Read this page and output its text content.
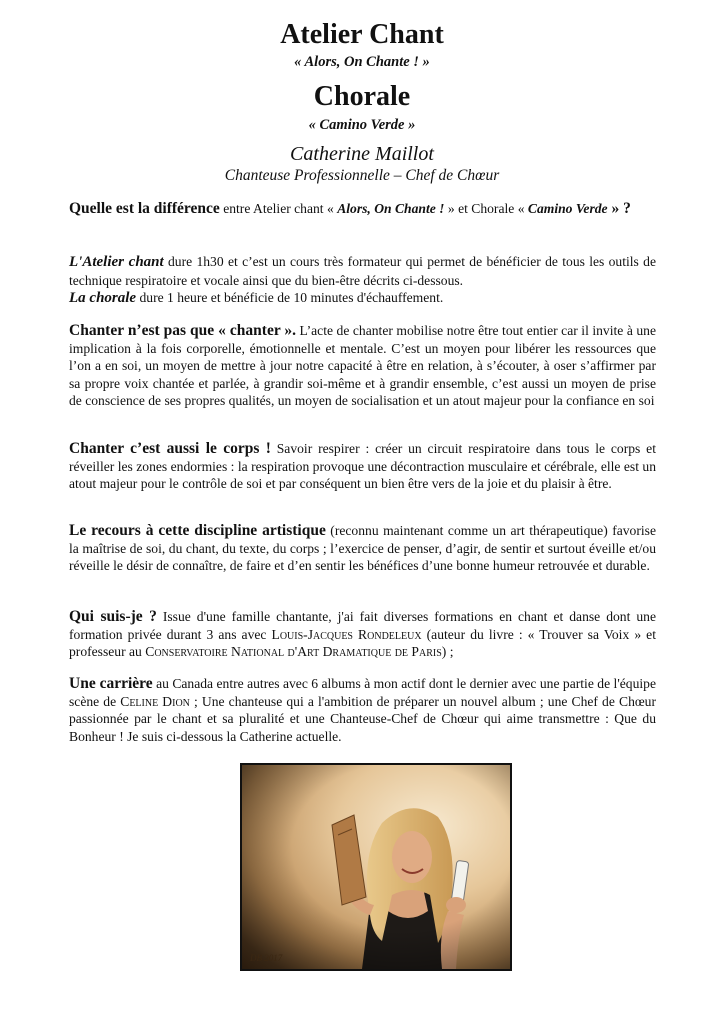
Atelier Chant
« Alors, On Chante ! »
Chorale
« Camino Verde »
Catherine Maillot
Chanteuse Professionnelle – Chef de Chœur
Quelle est la différence entre Atelier chant « Alors, On Chante ! » et Chorale « Camino Verde » ?
L'Atelier chant dure 1h30 et c’est un cours très formateur qui permet de bénéficier de tous les outils de technique respiratoire et vocale ainsi que du bien-être décrits ci-dessous.
La chorale dure 1 heure et bénéficie de 10 minutes d'échauffement.
Chanter n’est pas que « chanter ». L’acte de chanter mobilise notre être tout entier car il invite à une implication à la fois corporelle, émotionnelle et mentale. C’est un moyen pour libérer les ressources que l’on a en soi, un moyen de mettre à jour notre capacité à être en relation, à s’écouter, à oser s’affirmer par sa propre voix chantée et parlée, à grandir soi-même et à grandir ensemble, c’est aussi un moyen de prise de conscience de ses propres qualités, un moyen de socialisation et un atout majeur pour la confiance en soi
Chanter c’est aussi le corps ! Savoir respirer : créer un circuit respiratoire dans tous le corps et réveiller les zones endormies : la respiration provoque une décontraction musculaire et cérébrale, elle est un atout majeur pour le contrôle de soi et par conséquent un bien être vers de la joie et du plaisir à être.
Le recours à cette discipline artistique (reconnu maintenant comme un art thérapeutique) favorise la maîtrise de soi, du chant, du texte, du corps ; l’exercice de penser, d’agir, de sentir et surtout éveille et/ou réveille le désir de connaître, de faire et d’en sentir les bénéfices d’une bonne humeur retrouvée et durable.
Qui suis-je ? Issue d'une famille chantante, j'ai fait diverses formations en chant et danse dont une formation privée durant 3 ans avec Louis-Jacques Rondeleux (auteur du livre : « Trouver sa Voix » et professeur au Conservatoire National d'Art Dramatique de Paris) ;
Une carrière au Canada entre autres avec 6 albums à mon actif dont le dernier avec une partie de l'équipe scène de Celine Dion ; Une chanteuse qui a l'ambition de préparer un nouvel album ; une Chef de Chœur passionnée par le chant et sa pluralité et une Chanteuse-Chef de Chœur qui aime transmettre : Que du Bonheur ! Je suis ci-dessous la Catherine actuelle.
DB 2017
